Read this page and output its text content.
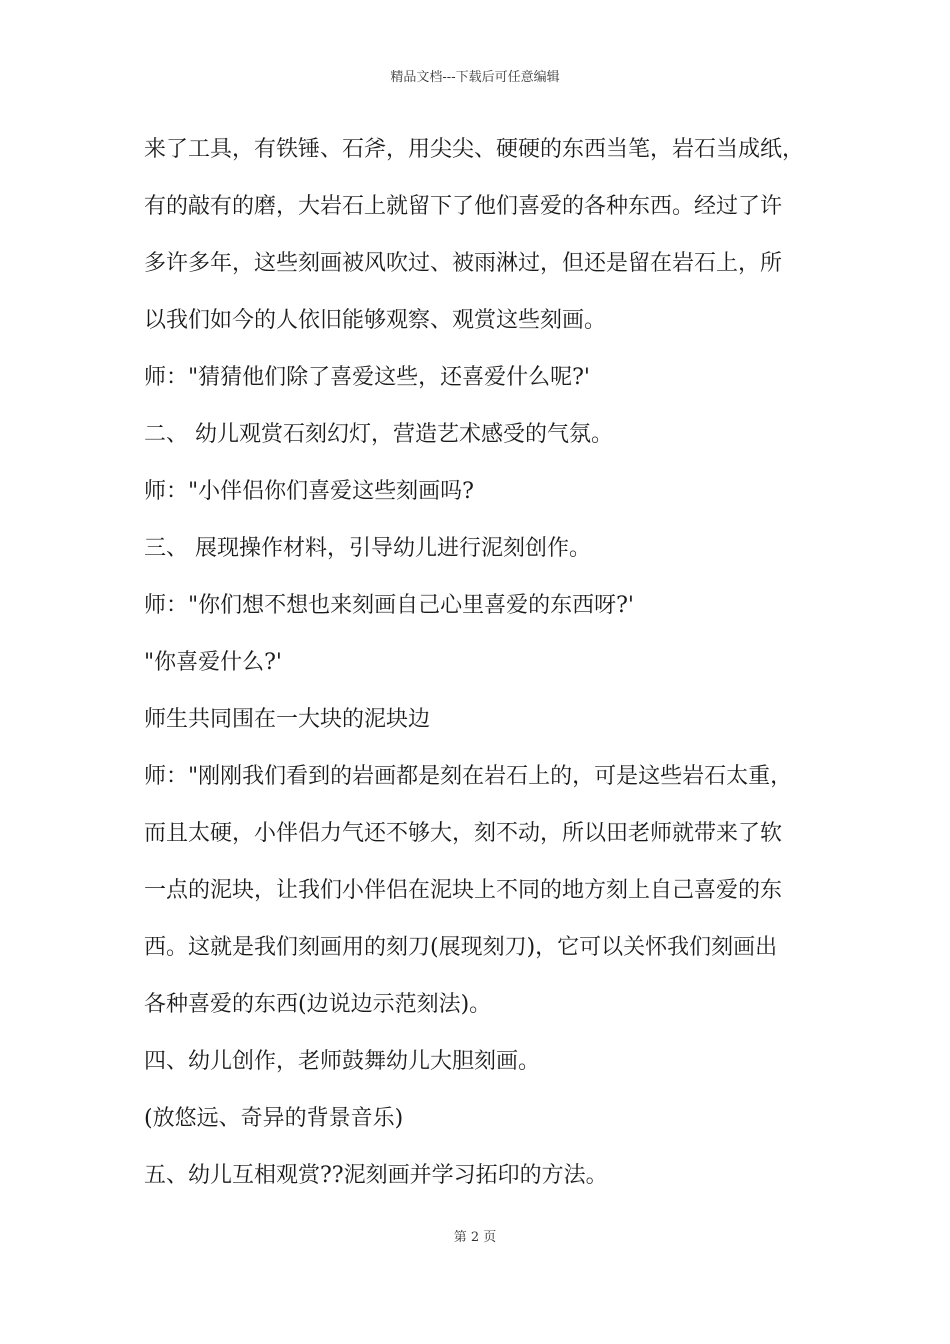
精品文档---下载后可任意编辑
来了工具，有铁锤、石斧，用尖尖、硬硬的东西当笔，岩石当成纸，
有的敲有的磨，大岩石上就留下了他们喜爱的各种东西。经过了许
多许多年，这些刻画被风吹过、被雨淋过，但还是留在岩石上，所
以我们如今的人依旧能够观察、观赏这些刻画。
师："猜猜他们除了喜爱这些，还喜爱什么呢?'
二、 幼儿观赏石刻幻灯，营造艺术感受的气氛。
师："小伴侣你们喜爱这些刻画吗?
三、 展现操作材料，引导幼儿进行泥刻创作。
师："你们想不想也来刻画自己心里喜爱的东西呀?'
"你喜爱什么?'
师生共同围在一大块的泥块边
师："刚刚我们看到的岩画都是刻在岩石上的，可是这些岩石太重，
而且太硬，小伴侣力气还不够大，刻不动，所以田老师就带来了软
一点的泥块，让我们小伴侣在泥块上不同的地方刻上自己喜爱的东
西。这就是我们刻画用的刻刀(展现刻刀)，它可以关怀我们刻画出
各种喜爱的东西(边说边示范刻法)。
四、幼儿创作，老师鼓舞幼儿大胆刻画。
(放悠远、奇异的背景音乐)
五、幼儿互相观赏??泥刻画并学习拓印的方法。
第 2 页
